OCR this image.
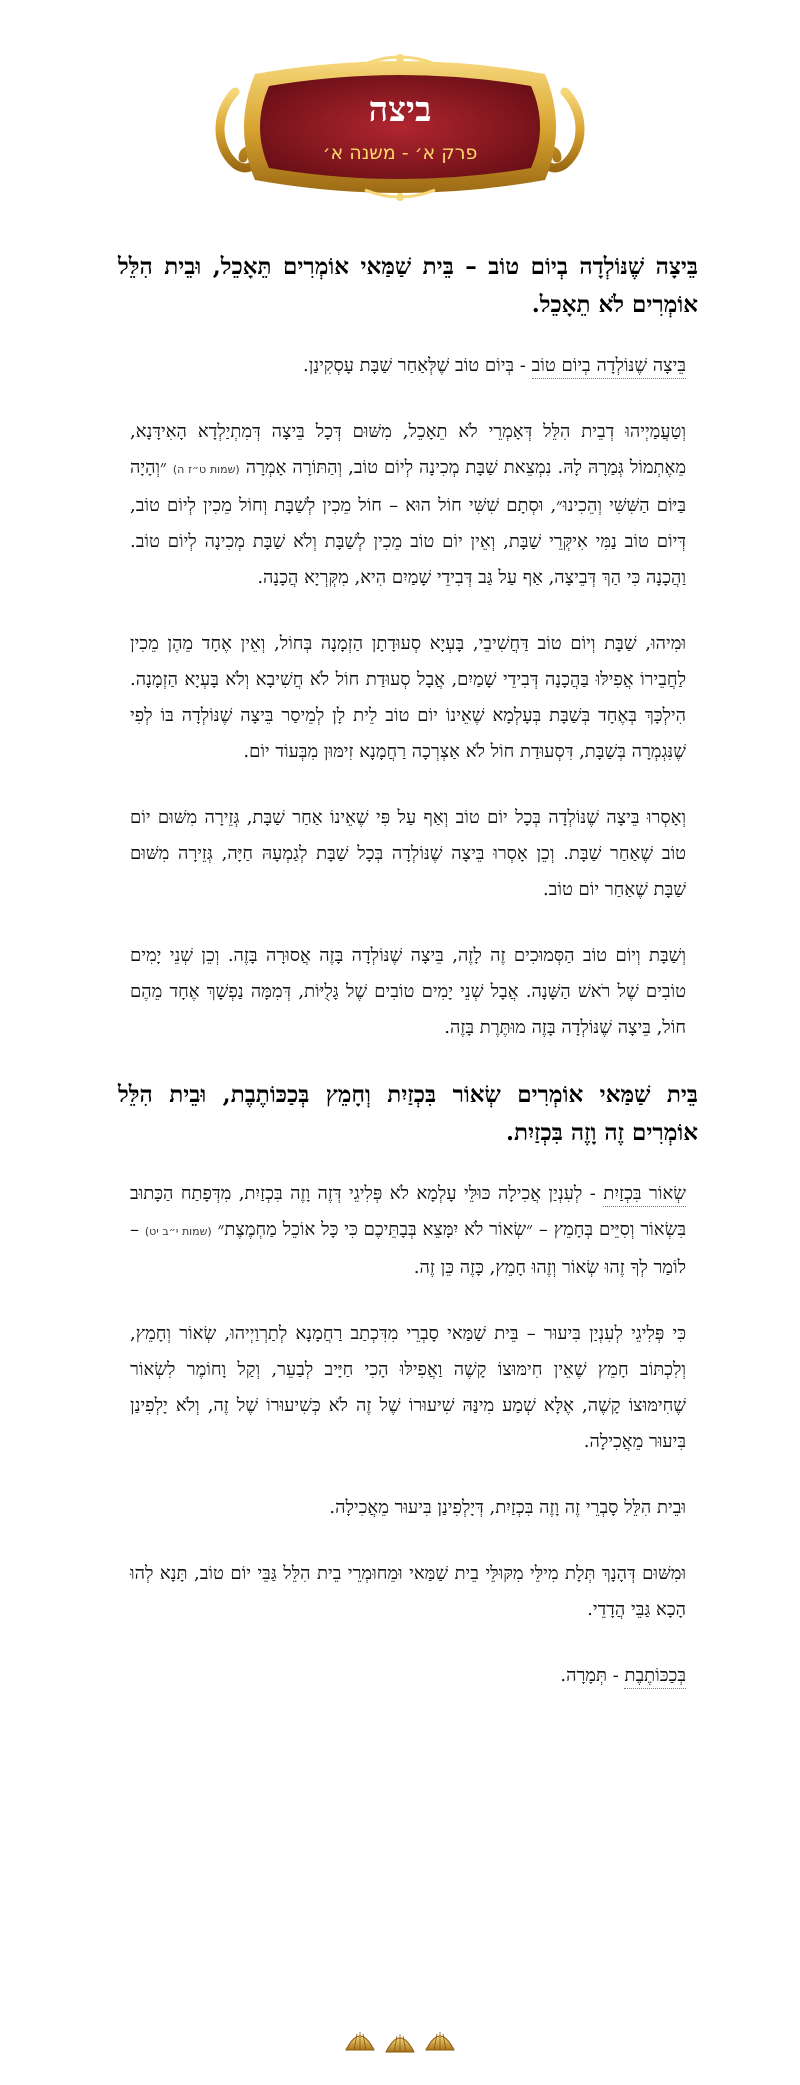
ביצה
פרק א׳ - משנה א׳

בֵּיצָה שֶׁנּוֹלְדָה בְיוֹם טוֹב – בֵּית שַׁמַּאי אוֹמְרִים תֵּאָכֵל, וּבֵית הִלֵּל אוֹמְרִים לֹא תֵאָכֵל.

בֵּיצָה שֶׁנּוֹלְדָה בְיוֹם טוֹב - בְּיוֹם טוֹב שֶׁלְּאַחַר שַׁבָּת עָסְקִינַן.

וְטַעֲמַיְיהוּ דְבֵית הִלֵּל דְּאָמְרֵי לֹא תֵאָכֵל, מִשּׁוּם דְּכָל בֵּיצָה דְּמִתְיַלְדָא הָאִידָּנָא, מֵאֶתְמוֹל גְּמַרָהּ לָהּ. נִמְצֵאת שַׁבָּת מְכִינָה לְיוֹם טוֹב, וְהַתּוֹרָה אָמְרָה (שמות ט״ז ה) ״וְהָיָה בַּיּוֹם הַשִּׁשִּׁי וְהֵכִינוּ״, וּסְתָם שִׁשִּׁי חוֹל הוּא – חוֹל מֵכִין לְשַׁבָּת וְחוֹל מֵכִין לְיוֹם טוֹב, דְּיוֹם טוֹב נַמִּי אִיקְּרֵי שַׁבָּת, וְאֵין יוֹם טוֹב מֵכִין לְשַׁבָּת וְלֹא שַׁבָּת מְכִינָה לְיוֹם טוֹב. וַהֲכָנָה כִּי הַךְ דְּבֵיצָה, אַף עַל גַּב דְּבִידֵי שָׁמַיִם הִיא, מִקְּרְיָא הֲכָנָה.

וּמִיהוּ, שַׁבָּת וְיוֹם טוֹב דַּחֲשִׁיבֵי, בָּעְיָא סְעוּדָתָן הַזְמָנָה בְּחוֹל, וְאֵין אֶחָד מֵהֶן מֵכִין לַחֲבֵירוֹ אֲפִילּוּ בַּהֲכָנָה דְּבִידֵי שָׁמַיִם, אֲבָל סְעוּדַת חוֹל לֹא חֲשִׁיבָא וְלֹא בָּעְיָא הַזְמָנָה. הִילְכָּךְ בְּאֶחָד בְּשַׁבָּת בְּעָלְמָא שֶׁאֵינוֹ יוֹם טוֹב לֵית לָן לְמֵיסַר בֵּיצָה שֶׁנּוֹלְדָה בּוֹ לְפִי שֶׁנִּגְמְרָה בְּשַׁבָּת, דִּסְעוּדַת חוֹל לֹא אַצְרְכָה רַחֲמָנָא זִימּוּן מִבְּעוֹד יוֹם.

וְאָסְרוּ בֵּיצָה שֶׁנּוֹלְדָה בְּכָל יוֹם טוֹב וְאַף עַל פִּי שֶׁאֵינוֹ אַחַר שַׁבָּת, גְּזֵירָה מִשּׁוּם יוֹם טוֹב שֶׁאַחַר שַׁבָּת. וְכֵן אָסְרוּ בֵּיצָה שֶׁנּוֹלְדָה בְּכָל שַׁבָּת לְגַמְעָהּ חַיָּה, גְּזֵירָה מִשּׁוּם שַׁבָּת שֶׁאַחַר יוֹם טוֹב.

וְשַׁבָּת וְיוֹם טוֹב הַסְּמוּכִים זֶה לָזֶה, בֵּיצָה שֶׁנּוֹלְדָה בָּזֶה אֲסוּרָה בָּזֶה. וְכֵן שְׁנֵי יָמִים טוֹבִים שֶׁל רֹאשׁ הַשָּׁנָה. אֲבָל שְׁנֵי יָמִים טוֹבִים שֶׁל גָּלֻיּוֹת, דְּמִמָּה נַפְשָׁךְ אֶחָד מֵהֶם חוֹל, בֵּיצָה שֶׁנּוֹלְדָה בָּזֶה מוּתֶּרֶת בָּזֶה.

בֵּית שַׁמַּאי אוֹמְרִים שְׂאוֹר בִּכְזַיִת וְחָמֵץ בְּכַכּוֹתֶבֶת, וּבֵית הִלֵּל אוֹמְרִים זֶה וָזֶה בִּכְזַיִת.

שְׂאוֹר בִּכְזַיִת - לְעִנְיַן אֲכִילָה כּוּלֵּי עָלְמָא לֹא פְּלִיגֵי דְּזֶה וָזֶה בִּכְזַיִת, מִדְּפָתַח הַכָּתוּב בִּשְׂאוֹר וְסִיֵּים בְּחָמֵץ – ״שְׂאוֹר לֹא יִמָּצֵא בְּבָתֵּיכֶם כִּי כָּל אוֹכֵל מַחְמֶצֶת״ (שמות י״ב יט) – לוֹמַר לְךָ זֶהוּ שְׂאוֹר וְזֶהוּ חָמֵץ, כָּזֶה כֵּן זֶה.

כִּי פְּלִיגֵי לְעִנְיַן בִּיעוּר – בֵּית שַׁמַּאי סָבְרֵי מִדִּכְתַב רַחֲמָנָא לְתַרְוַיְיהוּ, שְׂאוֹר וְחָמֵץ, וְלִכְתּוֹב חָמֵץ שֶׁאֵין חִימּוּצוֹ קָשֶׁה וַאֲפִילּוּ הָכִי חַיָּיב לְבַעֵר, וְקַל וָחוֹמֶר לִשְׂאוֹר שֶׁחִימּוּצוֹ קָשֶׁה, אֶלָּא שְׁמַע מִינַּהּ שִׁיעוּרוֹ שֶׁל זֶה לֹא כְּשִׁיעוּרוֹ שֶׁל זֶה, וְלֹא יָלְפִינַן בִּיעוּר מֵאֲכִילָה.

וּבֵית הִלֵּל סָבְרֵי זֶה וָזֶה בִּכְזַיִת, דְּיָלְפִינַן בִּיעוּר מֵאֲכִילָה.

וּמִשּׁוּם דְּהָנָךְ תְּלָת מִילֵּי מִקּוּלֵּי בֵית שַׁמַּאי וּמֵחוּמְרֵי בֵית הִלֵּל גַּבֵּי יוֹם טוֹב, תָּנָא לְהוּ הָכָא גַּבֵּי הֲדָדֵי.

בְּכַכּוֹתֶבֶת - תְּמָרָה.
